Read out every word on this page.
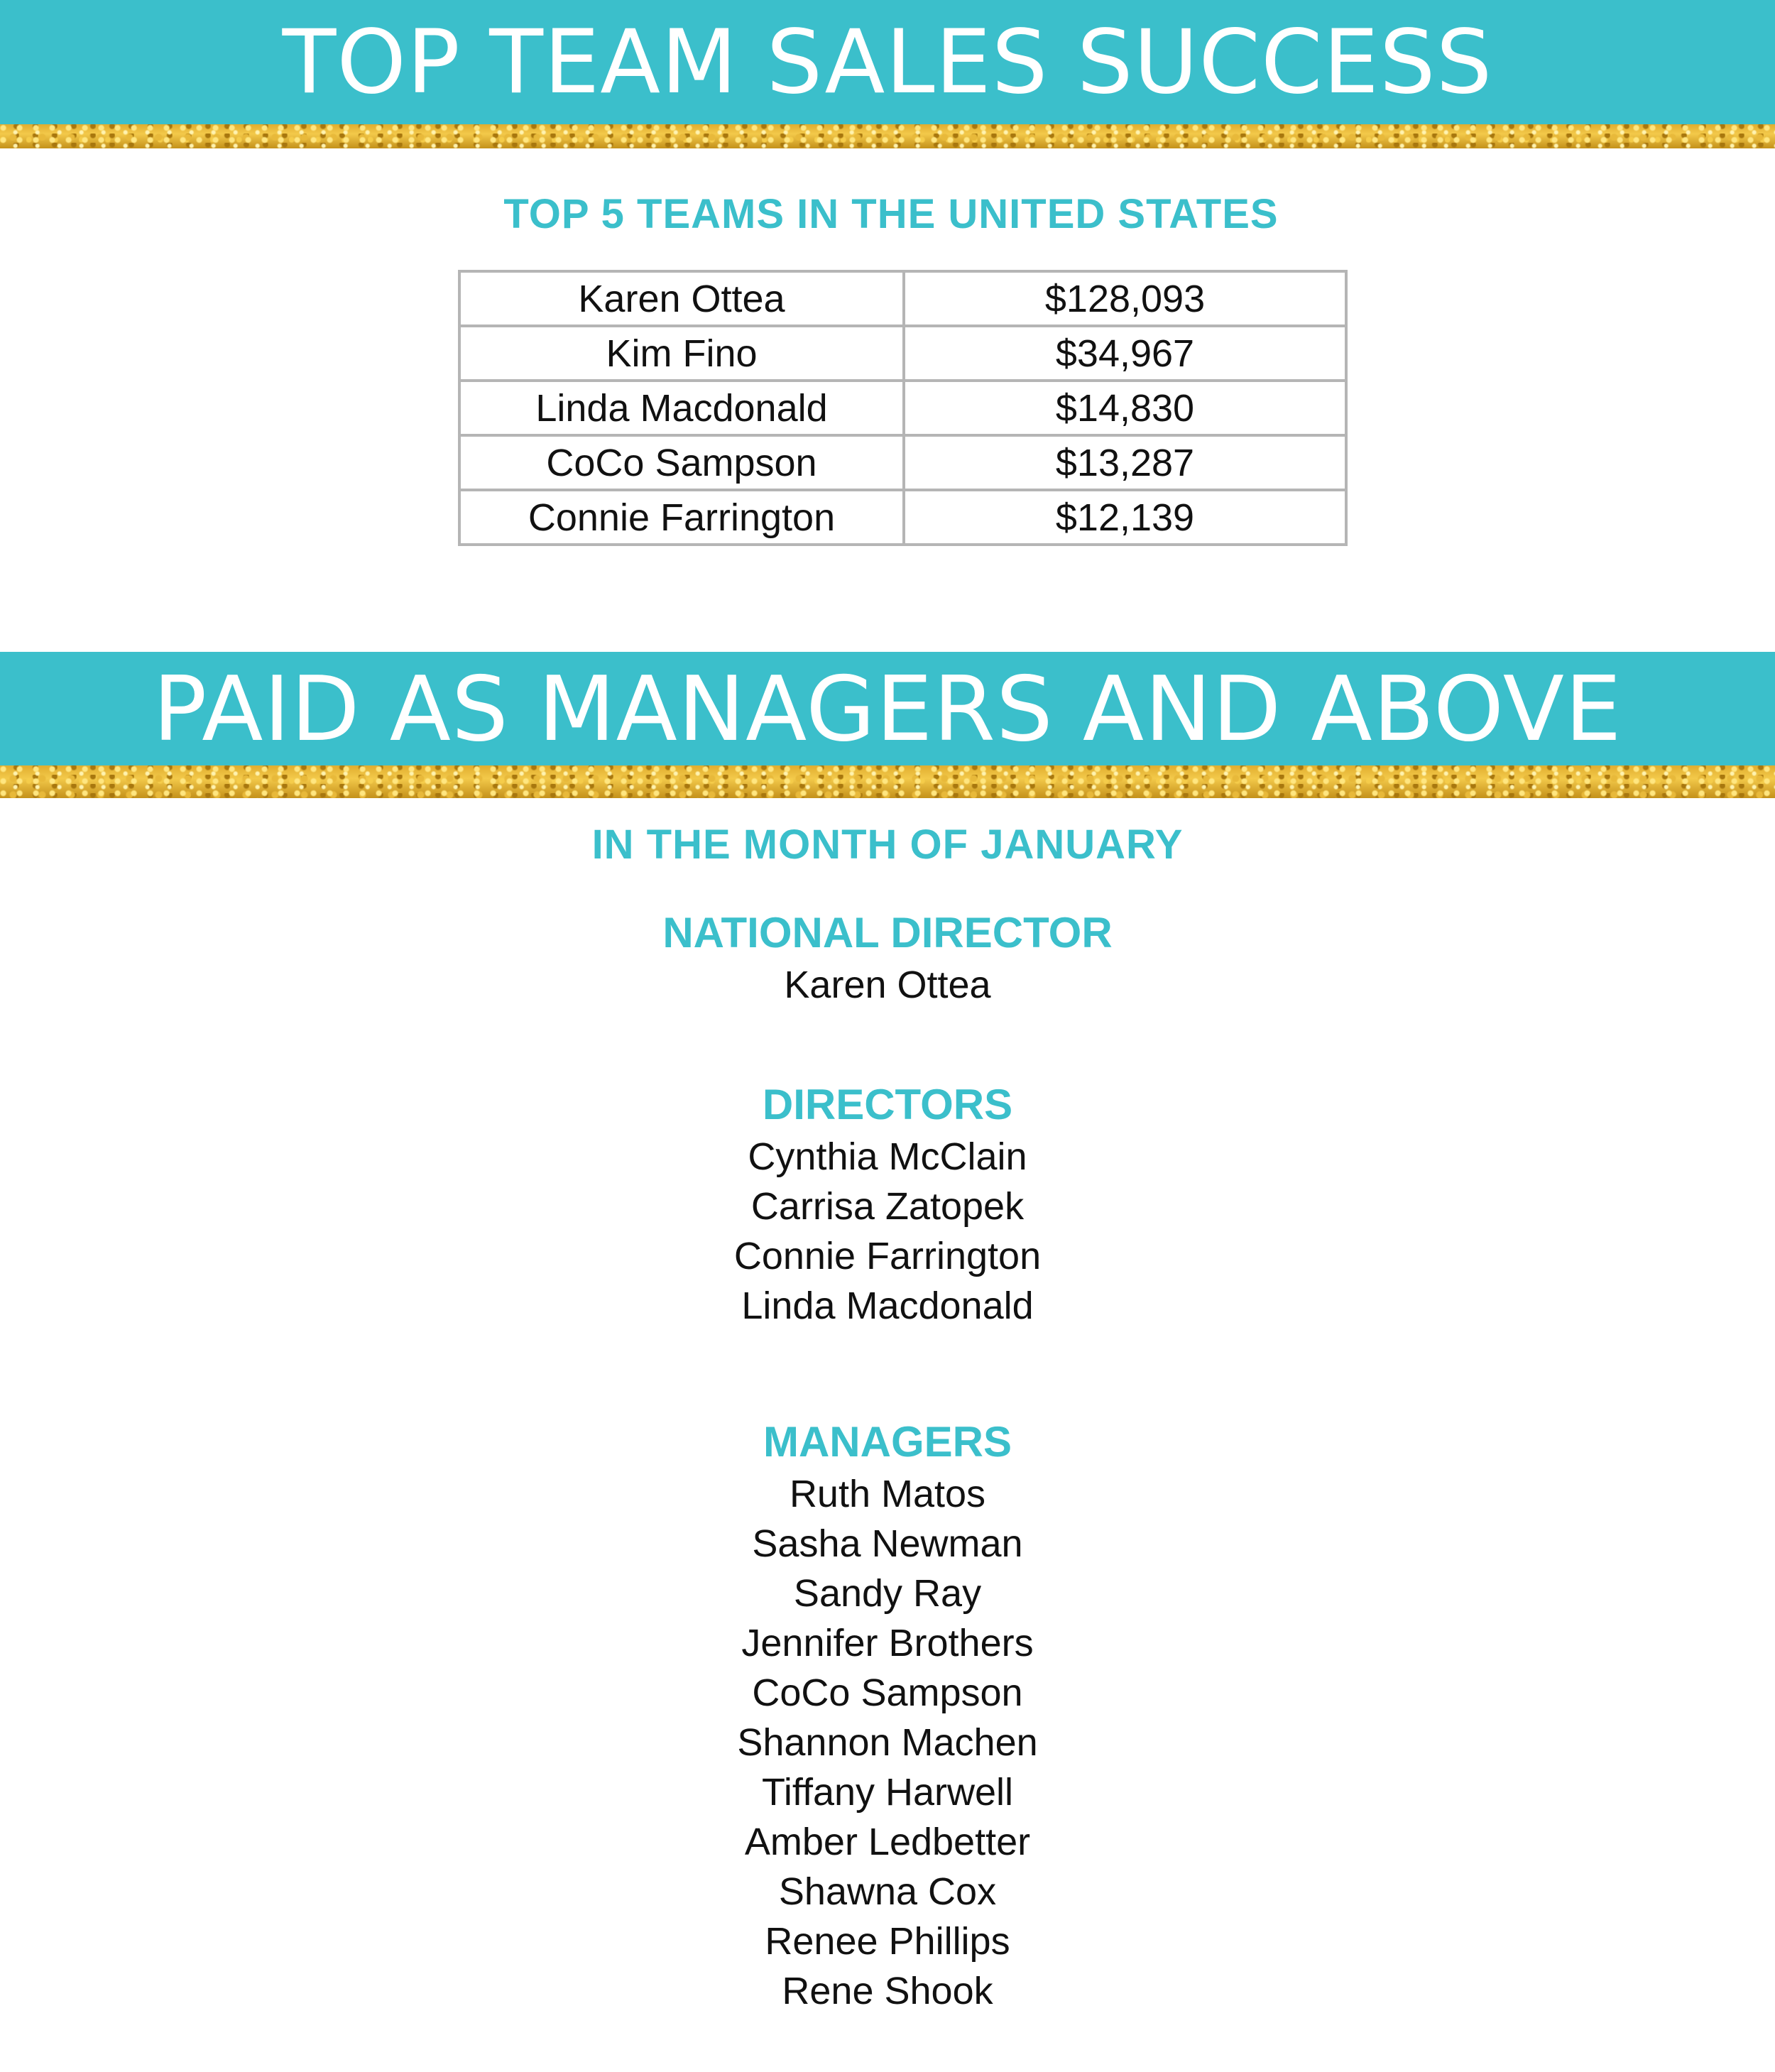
TOP TEAM SALES SUCCESS
TOP 5 TEAMS IN THE UNITED STATES
Karen Ottea	$128,093
Kim Fino	$34,967
Linda Macdonald	$14,830
CoCo Sampson	$13,287
Connie Farrington	$12,139
PAID AS MANAGERS AND ABOVE
IN THE MONTH OF JANUARY
NATIONAL DIRECTOR
Karen Ottea
DIRECTORS
Cynthia McClain
Carrisa Zatopek
Connie Farrington
Linda Macdonald
MANAGERS
Ruth Matos
Sasha Newman
Sandy Ray
Jennifer Brothers
CoCo Sampson
Shannon Machen
Tiffany Harwell
Amber Ledbetter
Shawna Cox
Renee Phillips
Rene Shook
